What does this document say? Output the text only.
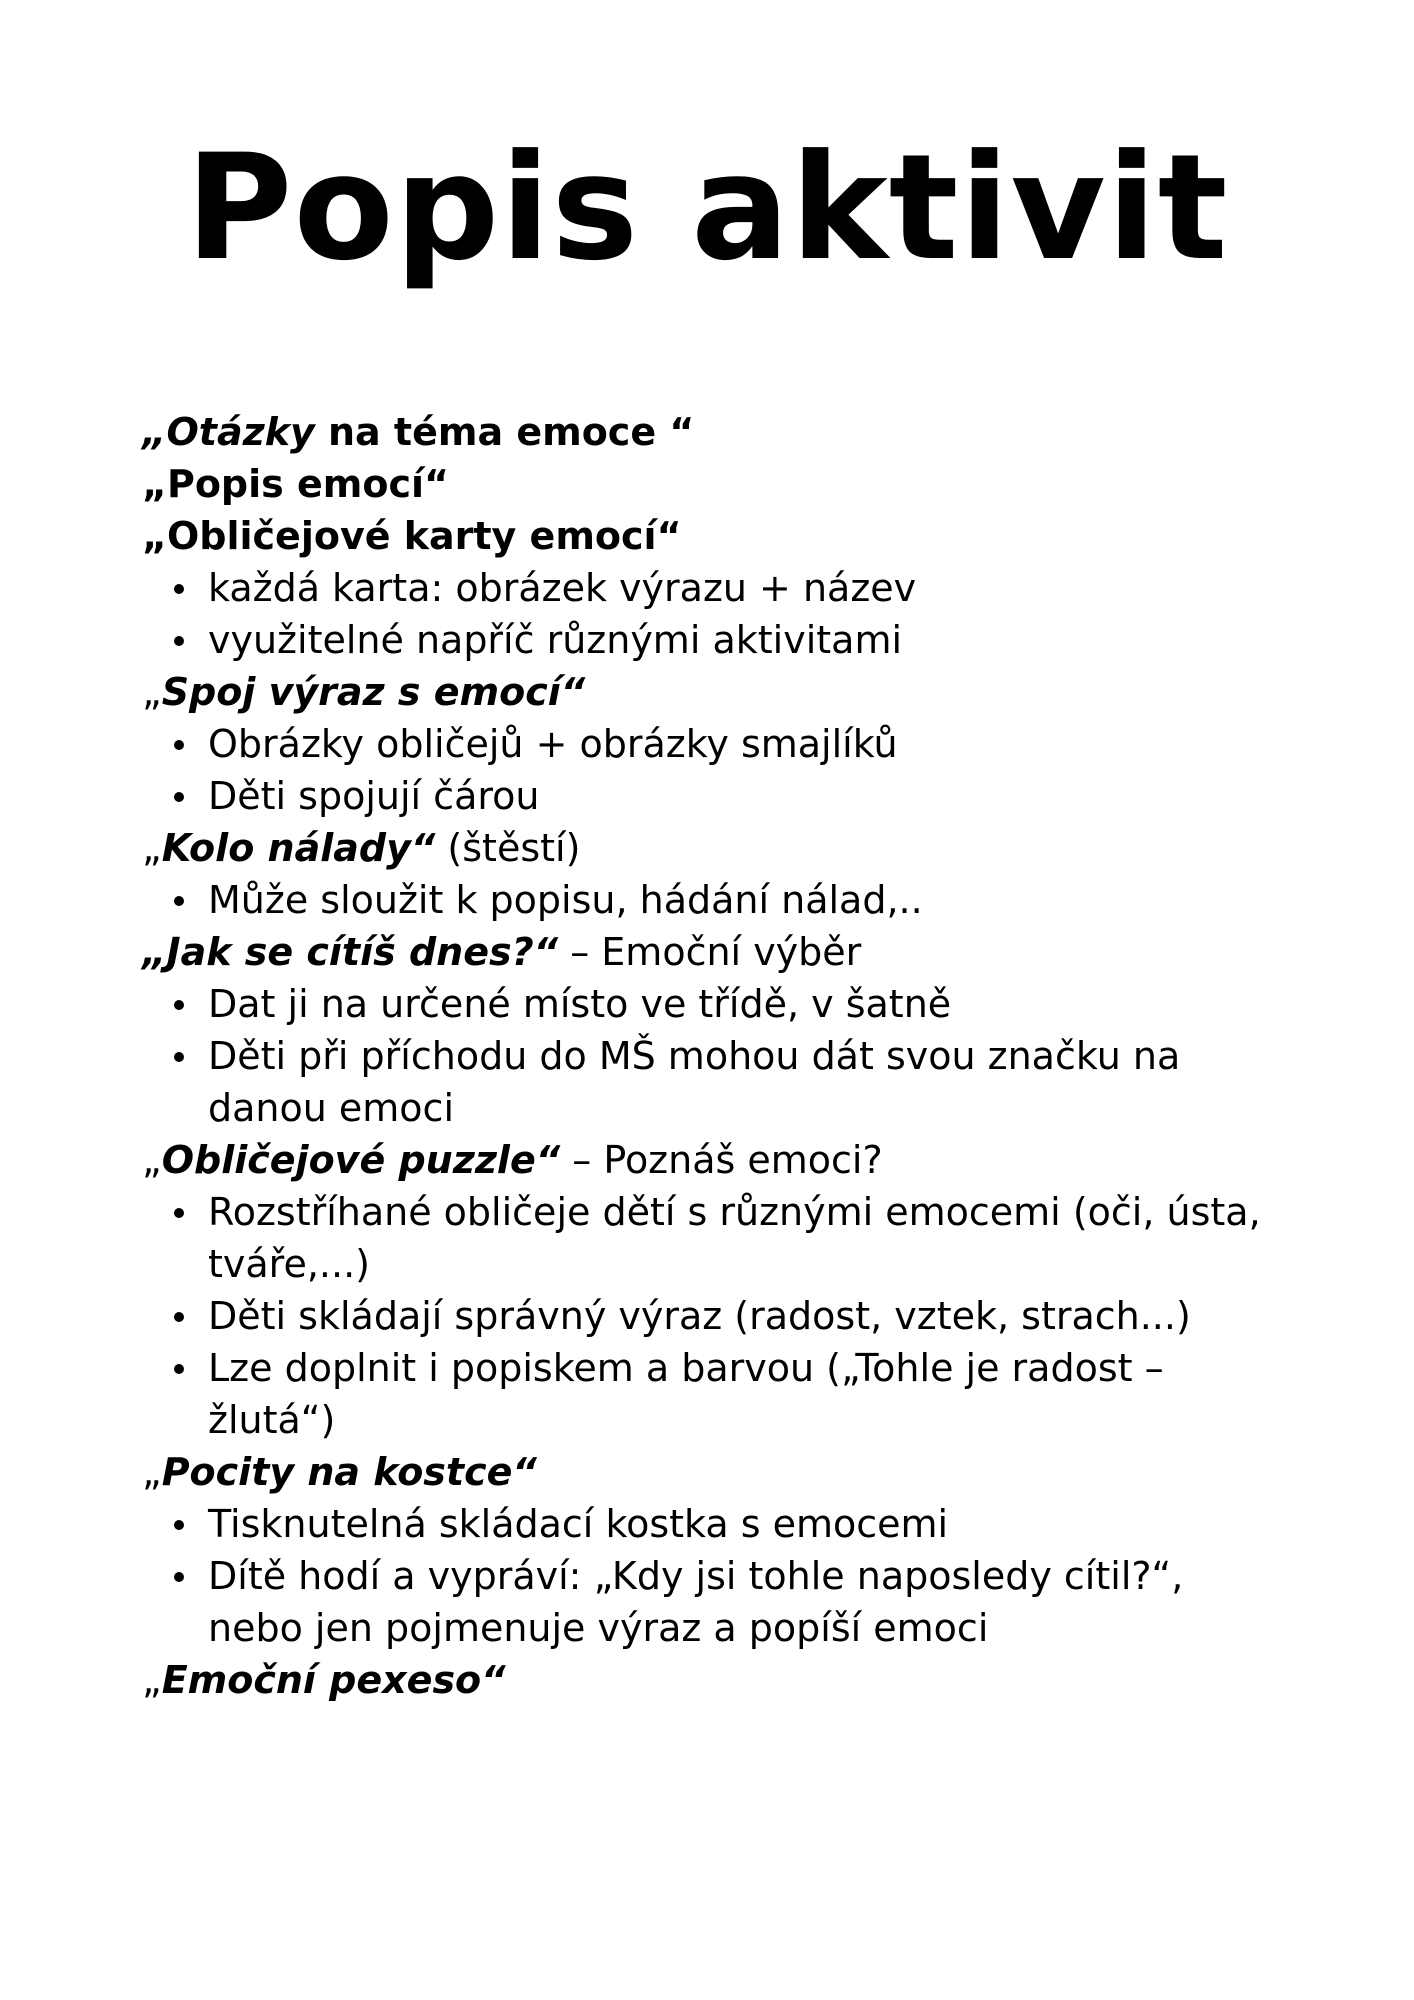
Popis aktivit

„Otázky na téma emoce “

„Popis emocí“

„Obličejové karty emocí“

každá karta: obrázek výrazu + název
využitelné napříč různými aktivitami

„Spoj výraz s emocí“

Obrázky obličejů + obrázky smajlíků
Děti spojují čárou

„Kolo nálady“ (štěstí)

Může sloužit k popisu, hádání nálad,..

„Jak se cítíš dnes?“ – Emoční výběr

Dat ji na určené místo ve třídě, v šatně
Děti při příchodu do MŠ mohou dát svou značku na danou emoci

„Obličejové puzzle“ – Poznáš emoci?

Rozstříhané obličeje dětí s různými emocemi (oči, ústa, tváře,...)
Děti skládají správný výraz (radost, vztek, strach...)
Lze doplnit i popiskem a barvou („Tohle je radost – žlutá“)

„Pocity na kostce“

Tisknutelná skládací kostka s emocemi
Dítě hodí a vypráví: „Kdy jsi tohle naposledy cítil?“, nebo jen pojmenuje výraz a popíší emoci

„Emoční pexeso“
